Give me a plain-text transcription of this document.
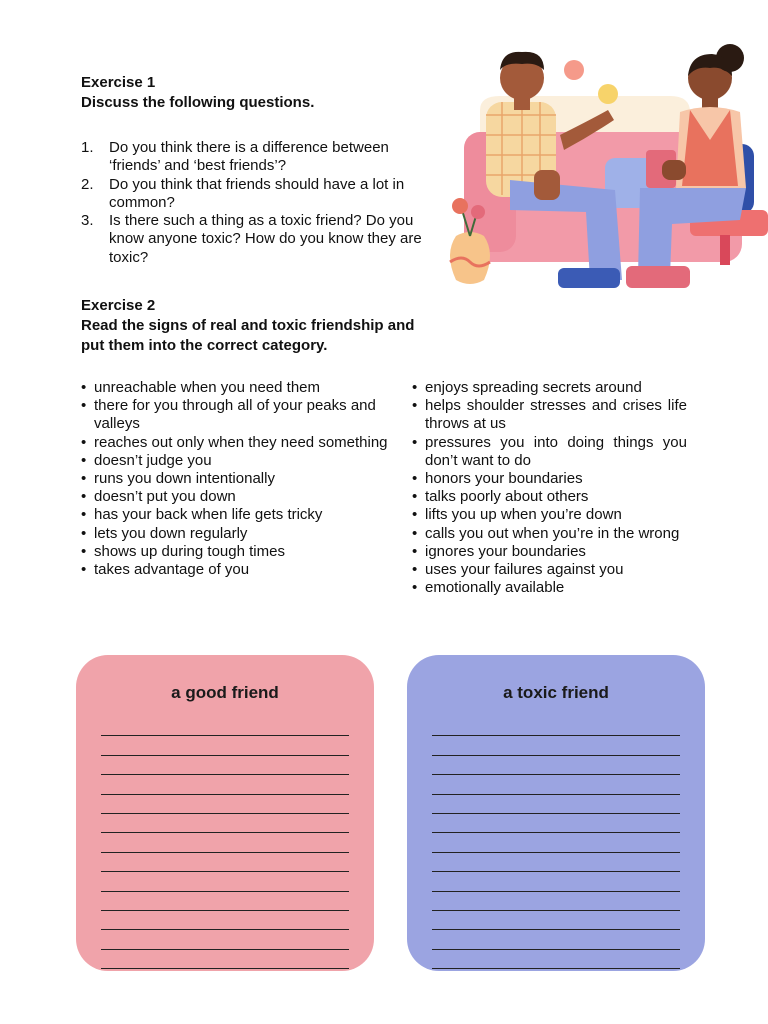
Exercise 1
Discuss the following questions.
1. Do you think there is a difference between ‘friends’ and ‘best friends’?
2. Do you think that friends should have a lot in common?
3. Is there such a thing as a toxic friend? Do you know anyone toxic? How do you know they are toxic?
Exercise 2
Read the signs of real and toxic friendship and put them into the correct category.
• unreachable when you need them
• there for you through all of your peaks and valleys
• reaches out only when they need something
• doesn’t judge you
• runs you down intentionally
• doesn’t put you down
• has your back when life gets tricky
• lets you down regularly
• shows up during tough times
• takes advantage of you
• enjoys spreading secrets around
• helps shoulder stresses and crises life throws at us
• pressures you into doing things you don’t want to do
• honors your boundaries
• talks poorly about others
• lifts you up when you’re down
• calls you out when you’re in the wrong
• ignores your boundaries
• uses your failures against you
• emotionally available
a good friend	a toxic friend
